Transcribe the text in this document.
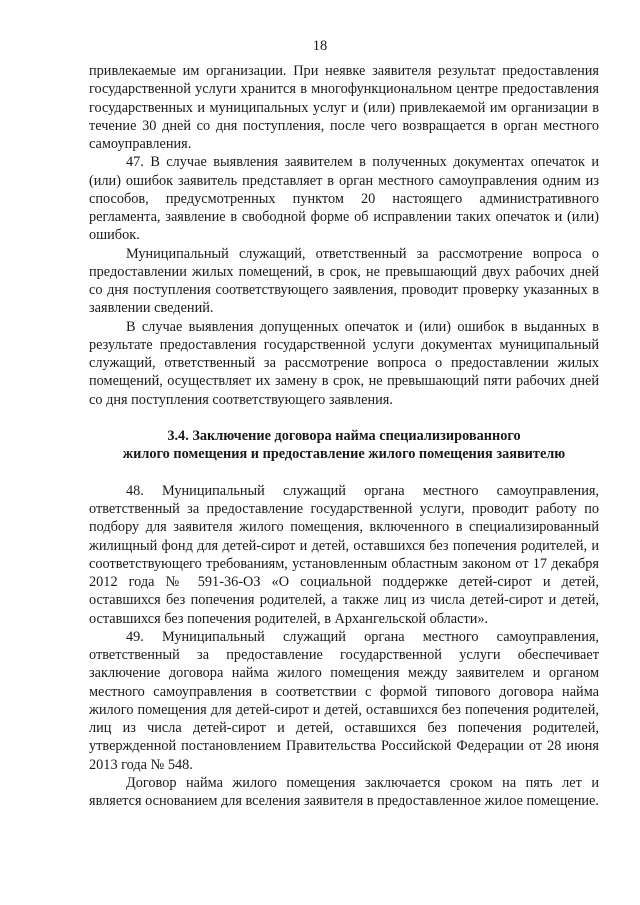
18

привлекаемые им организации. При неявке заявителя результат предоставления государственной услуги хранится в многофункциональном центре предоставления государственных и муниципальных услуг и (или) привлекаемой им организации в течение 30 дней со дня поступления, после чего возвращается в орган местного самоуправления.

47. В случае выявления заявителем в полученных документах опечаток и (или) ошибок заявитель представляет в орган местного самоуправления одним из способов, предусмотренных пунктом 20 настоящего административного регламента, заявление в свободной форме об исправлении таких опечаток и (или) ошибок.

Муниципальный служащий, ответственный за рассмотрение вопроса о предоставлении жилых помещений, в срок, не превышающий двух рабочих дней со дня поступления соответствующего заявления, проводит проверку указанных в заявлении сведений.

В случае выявления допущенных опечаток и (или) ошибок в выданных в результате предоставления государственной услуги документах муниципальный служащий, ответственный за рассмотрение вопроса о предоставлении жилых помещений, осуществляет их замену в срок, не превышающий пяти рабочих дней со дня поступления соответствующего заявления.

3.4. Заключение договора найма специализированного
жилого помещения и предоставление жилого помещения заявителю

48. Муниципальный служащий органа местного самоуправления, ответственный за предоставление государственной услуги, проводит работу по подбору для заявителя жилого помещения, включенного в специализированный жилищный фонд для детей-сирот и детей, оставшихся без попечения родителей, и соответствующего требованиям, установленным областным законом от 17 декабря 2012 года № 591-36-ОЗ «О социальной поддержке детей-сирот и детей, оставшихся без попечения родителей, а также лиц из числа детей-сирот и детей, оставшихся без попечения родителей, в Архангельской области».

49. Муниципальный служащий органа местного самоуправления, ответственный за предоставление государственной услуги обеспечивает заключение договора найма жилого помещения между заявителем и органом местного самоуправления в соответствии с формой типового договора найма жилого помещения для детей-сирот и детей, оставшихся без попечения родителей, лиц из числа детей-сирот и детей, оставшихся без попечения родителей, утвержденной постановлением Правительства Российской Федерации от 28 июня 2013 года № 548.

Договор найма жилого помещения заключается сроком на пять лет и является основанием для вселения заявителя в предоставленное жилое помещение.
